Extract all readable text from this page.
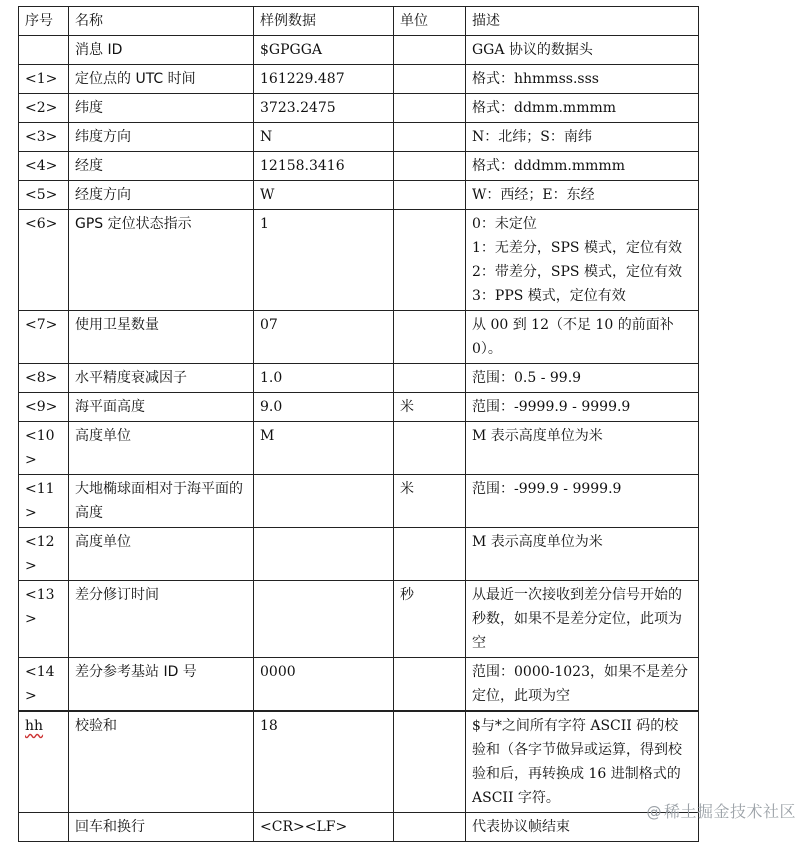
序号	名称	样例数据	单位	描述
	消息 ID	$GPGGA		GGA 协议的数据头
<1>	定位点的 UTC 时间	161229.487		格式：hhmmss.sss
<2>	纬度	3723.2475		格式：ddmm.mmmm
<3>	纬度方向	N		N：北纬；S：南纬
<4>	经度	12158.3416		格式：dddmm.mmmm
<5>	经度方向	W		W：西经；E：东经
<6>	GPS 定位状态指示	1		0：未定位
1：无差分，SPS 模式，定位有效
2：带差分，SPS 模式，定位有效
3：PPS 模式，定位有效
<7>	使用卫星数量	07		从 00 到 12（不足 10 的前面补 0）。
<8>	水平精度衰减因子	1.0		范围：0.5 - 99.9
<9>	海平面高度	9.0	米	范围：-9999.9 - 9999.9
<10>	高度单位	M		M 表示高度单位为米
<11>	大地椭球面相对于海平面的高度		米	范围：-999.9 - 9999.9
<12>	高度单位			M 表示高度单位为米
<13>	差分修订时间		秒	从最近一次接收到差分信号开始的秒数，如果不是差分定位，此项为空
<14>	差分参考基站 ID 号	0000		范围：0000-1023，如果不是差分定位，此项为空
hh	校验和	18		$与*之间所有字符 ASCII 码的校验和（各字节做异或运算，得到校验和后，再转换成 16 进制格式的 ASCII 字符。
	回车和换行	<CR><LF>		代表协议帧结束
@ 稀土掘金技术社区
